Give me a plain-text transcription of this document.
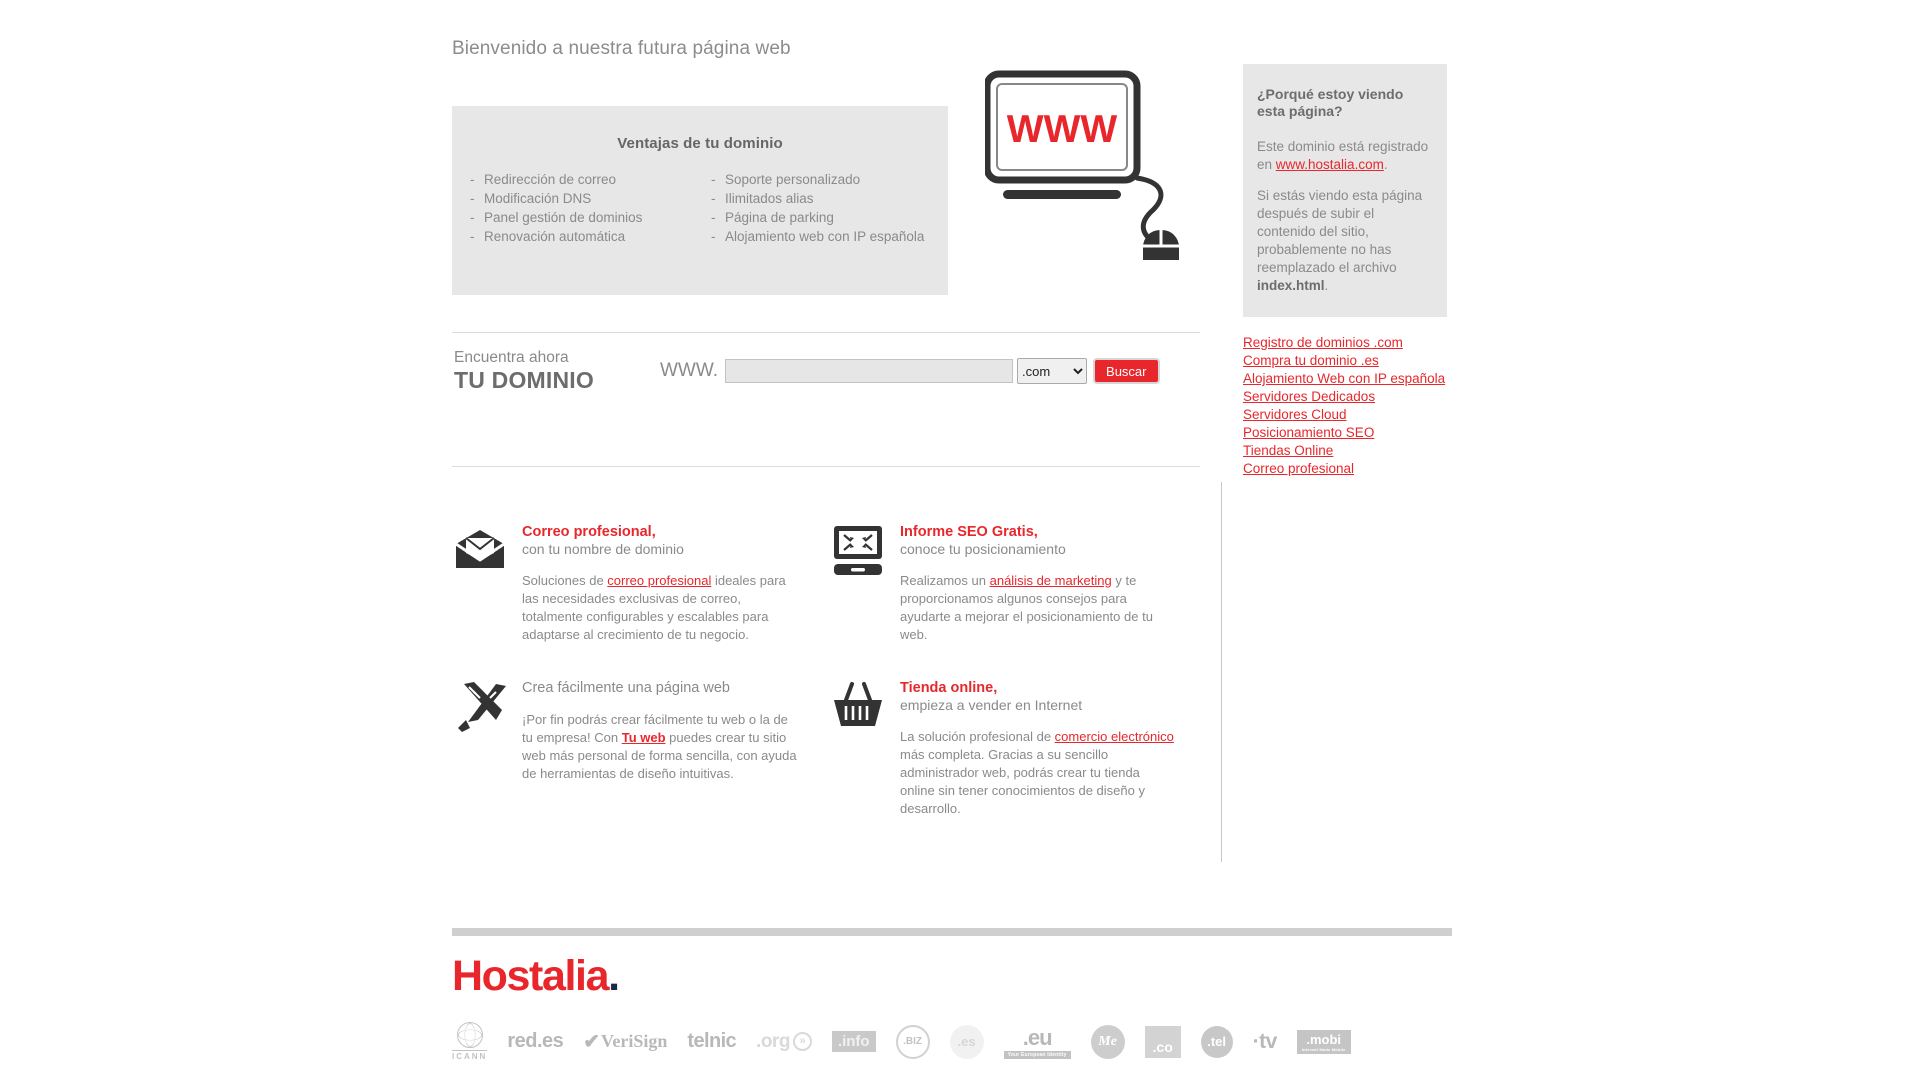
Bienvenido a nuestra futura página web
Ventajas de tu dominio
- Redirección de correo
- Modificación DNS
- Panel gestión de dominios
- Renovación automática
- Soporte personalizado
- Ilimitados alias
- Página de parking
- Alojamiento web con IP española
WWW
¿Porqué estoy viendo esta página?

Este dominio está registrado en www.hostalia.com.

Si estás viendo esta página después de subir el contenido del sitio, probablemente no has reemplazado el archivo index.html.

Registro de dominios .com
Compra tu dominio .es
Alojamiento Web con IP española
Servidores Dedicados
Servidores Cloud
Posicionamiento SEO
Tiendas Online
Correo profesional
Encuentra ahora
TU DOMINIO	WWW.
.com	Buscar
Correo profesional,
con tu nombre de dominio
Soluciones de correo profesional ideales para las necesidades exclusivas de correo, totalmente configurables y escalables para adaptarse al crecimiento de tu negocio.
Informe SEO Gratis,
conoce tu posicionamiento
Realizamos un análisis de marketing y te proporcionamos algunos consejos para ayudarte a mejorar el posicionamiento de tu web.
Crea fácilmente una página web
¡Por fin podrás crear fácilmente tu web o la de tu empresa! Con Tu web puedes crear tu sitio web más personal de forma sencilla, con ayuda de herramientas de diseño intuitivas.
Tienda online,
empieza a vender en Internet
La solución profesional de comercio electrónico más completa. Gracias a su sencillo administrador web, podrás crear tu tienda online sin tener conocimientos de diseño y desarrollo.
Hostalia.
ICANN
red.es ✔ VeriSign telnic .org »	.info	.BIZ	.es	.eu
Your European Identity
Me	.co	.tel	·tv .mobi
Internet Made Mobile
